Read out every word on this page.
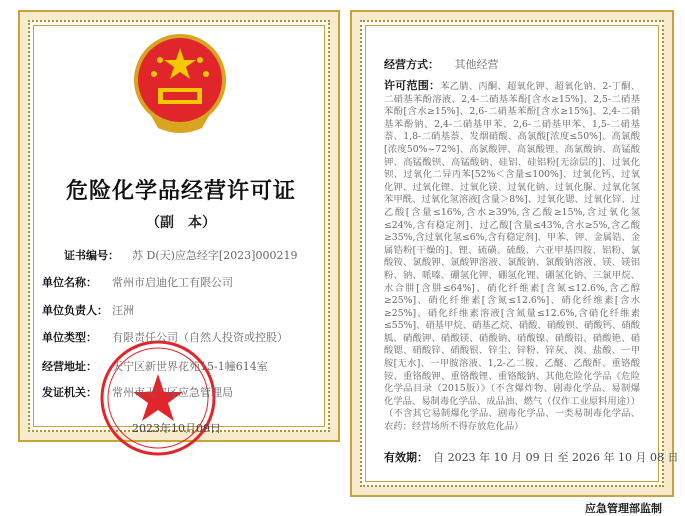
危险化学品经营许可证
（副　本）
证书编号： 苏 D(天)应急经字[2023]000219
单位名称： 常州市启迪化工有限公司
单位负责人： 汪洲
单位类型： 有限责任公司（自然人投资或控股）
经营地址： 天宁区新世界花苑15-1幢614室
发证机关： 常州市天宁区应急管理局
2023年10月09日
经营方式： 其他经营
许可范围：苯乙腈、丙酮、超氧化钾、超氧化钠、2-丁酮、二硝基苯酚溶液、2,4-二硝基苯酚[含水≥15%]、2,5-二硝基苯酚[含水≥15%]、2,6-二硝基苯酚[含水≥15%]、2,4-二硝基苯酚钠、2,4-二硝基甲苯、2,6-二硝基甲苯、1,5-二硝基萘、1,8-二硝基萘、发烟硝酸、高氯酸[浓度≤50%]、高氯酸[浓度50%~72%]、高氯酸钾、高氯酸锂、高氯酸钠、高锰酸钾、高锰酸钡、高锰酸钠、硅铝、硅铝粉[无涂层的]、过氧化钡、过氧化二异丙苯[52%＜含量≤100%]、过氧化钙、过氧化钾、过氧化锂、过氧化镁、过氧化钠、过氧化脲、过氧化氢苯甲酰、过氧化氢溶液[含量＞8%]、过氧化锶、过氧化锌、过乙酸[含量≤16%,含水≥39%,含乙酸≥15%,含过氧化氢≤24%,含有稳定剂]、过乙酸[含量≤43%,含水≥5%,含乙酸≥35%,含过氧化氢≤6%,含有稳定剂]、甲苯、钾、金属锆、金属锆粉[干燥的]、锂、硫磺、硫酸、六亚甲基四胺、铝粉、氯酸铵、氯酸钾、氯酸钾溶液、氯酸钠、氯酸钠溶液、镁、镁铝粉、钠、哌嗪、硼氢化钾、硼氢化锂、硼氢化钠、三氯甲烷、水合肼[含肼≤64%]、硝化纤维素[含氮≤12.6%,含乙醇≥25%]、硝化纤维素[含氮≤12.6%]、硝化纤维素[含水≥25%]、硝化纤维素溶液[含氮量≤12.6%,含硝化纤维素≤55%]、硝基甲烷、硝基乙烷、硝酸、硝酸钡、硝酸钙、硝酸胍、硝酸钾、硝酸镁、硝酸钠、硝酸镍、硝酸铅、硝酸铯、硝酸锶、硝酸锌、硝酸银、锌尘、锌粉、锌灰、溴、盐酸、一甲胺[无水]、一甲胺溶液、1,2-乙二胺、乙醚、乙酸酐、重铬酸铵、重铬酸钾、重铬酸锂、重铬酸钠、其他危险化学品《危险化学品目录（2015版）》（不含爆炸物、剧毒化学品、易制爆化学品、易制毒化学品、成品油、燃气（仅作工业原料用途））（不含其它易制爆化学品、剧毒化学品、一类易制毒化学品、农药；经营场所不得存放危化品）
有效期： 自 2023 年 10 月 09 日 至 2026 年 10 月 08 日
应急管理部监制
